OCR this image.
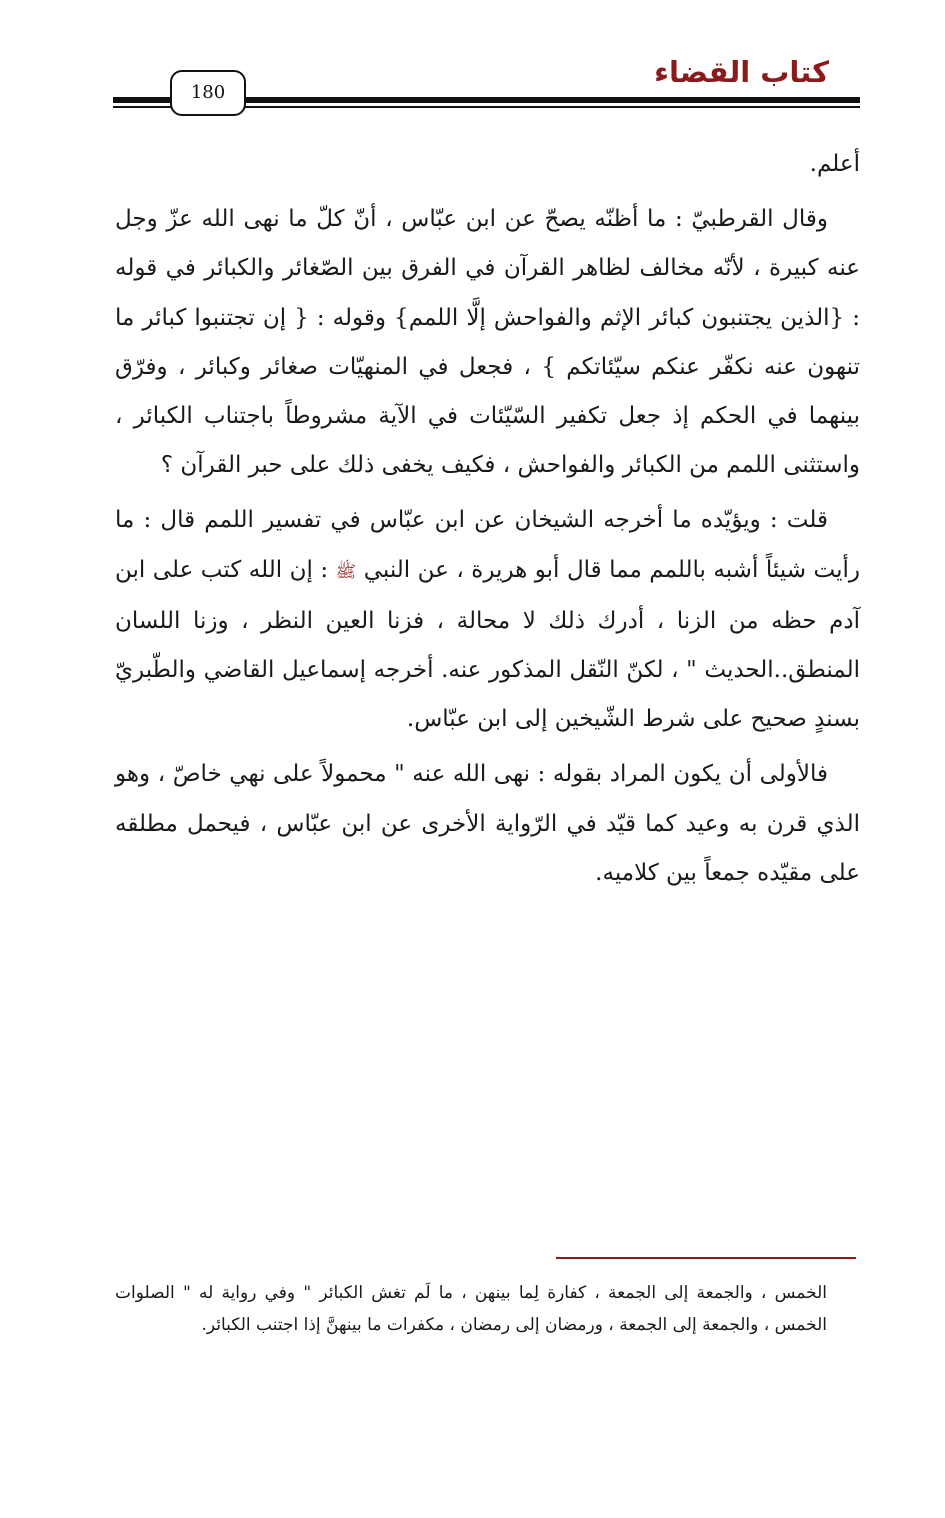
كتاب القضاء
180

أعلم.

وقال القرطبيّ : ما أظنّه يصحّ عن ابن عبّاس ، أنّ كلّ ما نهى الله عزّ وجل عنه كبيرة ، لأنّه مخالف لظاهر القرآن في الفرق بين الصّغائر والكبائر في قوله : {الذين يجتنبون كبائر الإثم والفواحش إلَّا اللمم} وقوله : { إن تجتنبوا كبائر ما تنهون عنه نكفّر عنكم سيّئاتكم } ، فجعل في المنهيّات صغائر وكبائر ، وفرّق بينهما في الحكم إذ جعل تكفير السّيّئات في الآية مشروطاً باجتناب الكبائر ، واستثنى اللمم من الكبائر والفواحش ، فكيف يخفى ذلك على حبر القرآن ؟

قلت : ويؤيّده ما أخرجه الشيخان عن ابن عبّاس في تفسير اللمم قال : ما رأيت شيئاً أشبه باللمم مما قال أبو هريرة ، عن النبي ﷺ : إن الله كتب على ابن آدم حظه من الزنا ، أدرك ذلك لا محالة ، فزنا العين النظر ، وزنا اللسان المنطق..الحديث " ، لكنّ النّقل المذكور عنه. أخرجه إسماعيل القاضي والطّبريّ بسندٍ صحيح على شرط الشّيخين إلى ابن عبّاس.

فالأولى أن يكون المراد بقوله : نهى الله عنه " محمولاً على نهي خاصّ ، وهو الذي قرن به وعيد كما قيّد في الرّواية الأخرى عن ابن عبّاس ، فيحمل مطلقه على مقيّده جمعاً بين كلاميه.

الخمس ، والجمعة إلى الجمعة ، كفارة لِما بينهن ، ما لَم تغش الكبائر " وفي رواية له " الصلوات الخمس ، والجمعة إلى الجمعة ، ورمضان إلى رمضان ، مكفرات ما بينهنَّ إذا اجتنب الكبائر.
